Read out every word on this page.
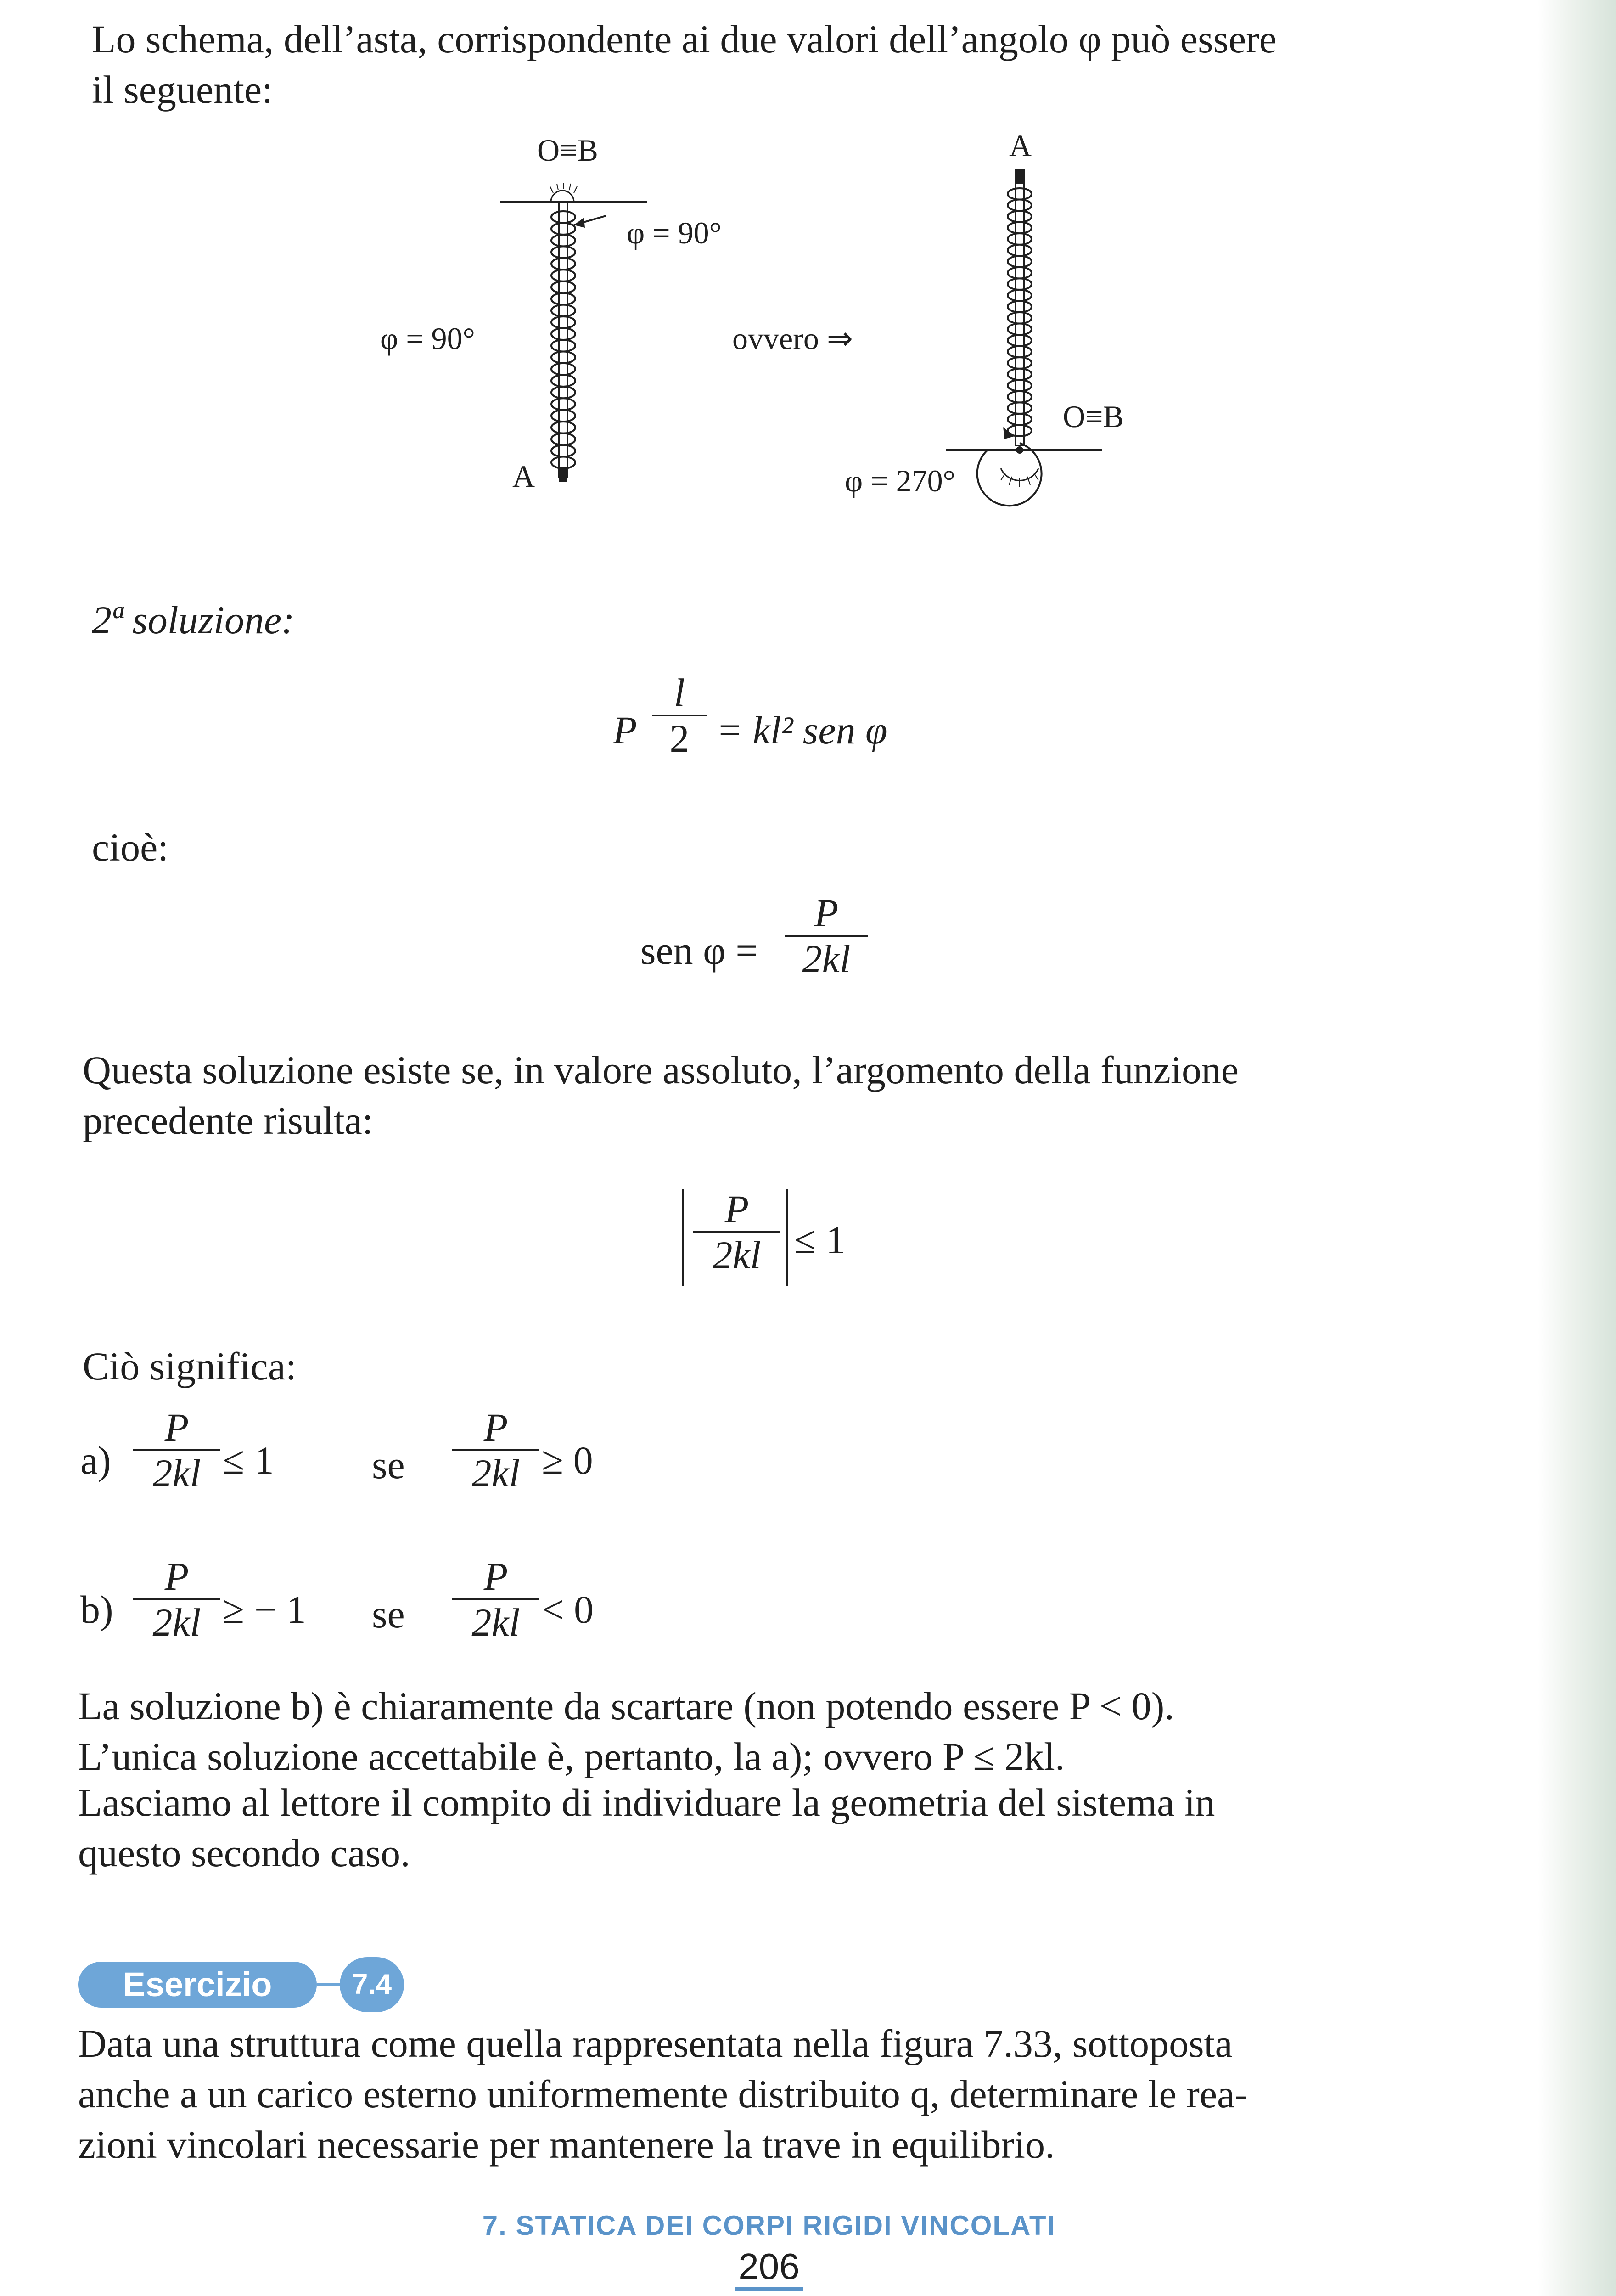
Lo schema, dell’asta, corrispondente ai due valori dell’angolo φ può essere
il seguente:
O≡B
φ = 90°
φ = 90°
A
ovvero ⇒
A
O≡B
φ = 270°
2ª soluzione:
P
l
2 = kl² sen φ
cioè:
sen φ =
P
2kl
Questa soluzione esiste se, in valore assoluto, l’argomento della funzione
precedente risulta:
P
2kl ≤ 1
Ciò significa:
a)
P
2kl ≤ 1 se
P
2kl ≥ 0
b)
P
2kl ≥ − 1 se
P
2kl < 0
La soluzione b) è chiaramente da scartare (non potendo essere P < 0).
L’unica soluzione accettabile è, pertanto, la a); ovvero P ≤ 2kl.
Lasciamo al lettore il compito di individuare la geometria del sistema in
questo secondo caso.
Esercizio	7.4
Data una struttura come quella rappresentata nella figura 7.33, sottoposta
anche a un carico esterno uniformemente distribuito q, determinare le rea-
zioni vincolari necessarie per mantenere la trave in equilibrio.
7. STATICA DEI CORPI RIGIDI VINCOLATI
206
